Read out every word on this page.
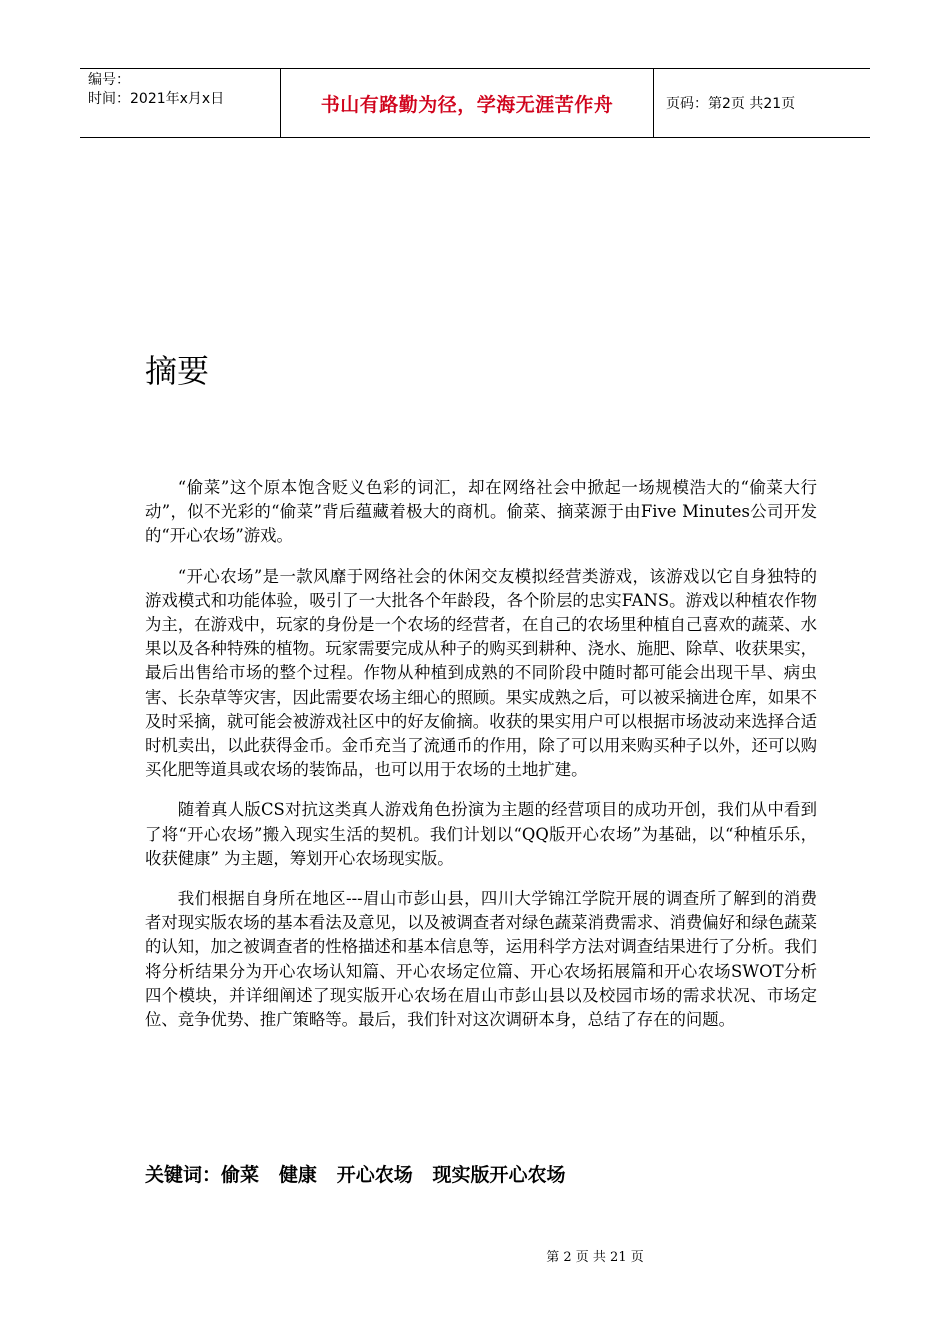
编号：
时间：2021年x月x日	书山有路勤为径，学海无涯苦作舟	页码：第2页 共21页
摘要

“偷菜”这个原本饱含贬义色彩的词汇，却在网络社会中掀起一场规模浩大的“偷菜大行动”，似不光彩的“偷菜”背后蕴藏着极大的商机。偷菜、摘菜源于由Five Minutes公司开发的“开心农场”游戏。

“开心农场”是一款风靡于网络社会的休闲交友模拟经营类游戏，该游戏以它自身独特的游戏模式和功能体验，吸引了一大批各个年龄段，各个阶层的忠实FANS。游戏以种植农作物为主，在游戏中，玩家的身份是一个农场的经营者，在自己的农场里种植自己喜欢的蔬菜、水果以及各种特殊的植物。玩家需要完成从种子的购买到耕种、浇水、施肥、除草、收获果实，最后出售给市场的整个过程。作物从种植到成熟的不同阶段中随时都可能会出现干旱、病虫害、长杂草等灾害，因此需要农场主细心的照顾。果实成熟之后，可以被采摘进仓库，如果不及时采摘，就可能会被游戏社区中的好友偷摘。收获的果实用户可以根据市场波动来选择合适时机卖出，以此获得金币。金币充当了流通币的作用，除了可以用来购买种子以外，还可以购买化肥等道具或农场的装饰品，也可以用于农场的土地扩建。

随着真人版CS对抗这类真人游戏角色扮演为主题的经营项目的成功开创，我们从中看到了将“开心农场”搬入现实生活的契机。我们计划以“QQ版开心农场”为基础，以“种植乐乐，收获健康” 为主题，筹划开心农场现实版。

我们根据自身所在地区---眉山市彭山县，四川大学锦江学院开展的调查所了解到的消费者对现实版农场的基本看法及意见，以及被调查者对绿色蔬菜消费需求、消费偏好和绿色蔬菜的认知，加之被调查者的性格描述和基本信息等，运用科学方法对调查结果进行了分析。我们将分析结果分为开心农场认知篇、开心农场定位篇、开心农场拓展篇和开心农场SWOT分析四个模块，并详细阐述了现实版开心农场在眉山市彭山县以及校园市场的需求状况、市场定位、竞争优势、推广策略等。最后，我们针对这次调研本身，总结了存在的问题。

关键词：偷菜   健康   开心农场   现实版开心农场
第 2 页 共 21 页
